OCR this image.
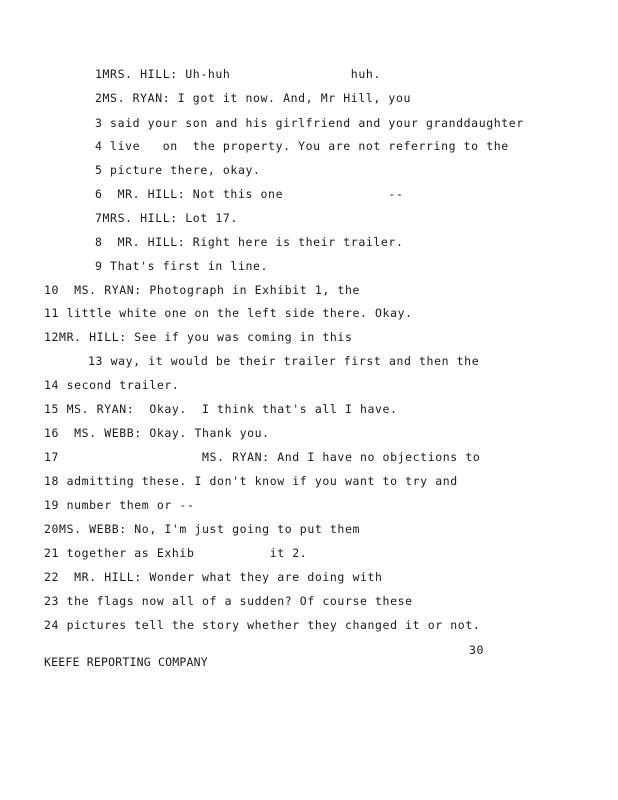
1MRS. HILL: Uh-huh                huh.
2MS. RYAN: I got it now. And, Mr Hill, you
3 said your son and his girlfriend and your granddaughter
4 live   on  the property. You are not referring to the
5 picture there, okay.
6  MR. HILL: Not this one              --
7MRS. HILL: Lot 17.
8  MR. HILL: Right here is their trailer.
9 That's first in line.
10  MS. RYAN: Photograph in Exhibit 1, the
11 little white one on the left side there. Okay.
12MR. HILL: See if you was coming in this
13 way, it would be their trailer first and then the
14 second trailer.
15 MS. RYAN:  Okay.  I think that's all I have.
16  MS. WEBB: Okay. Thank you.
17                   MS. RYAN: And I have no objections to
18 admitting these. I don't know if you want to try and
19 number them or --
20MS. WEBB: No, I'm just going to put them
21 together as Exhib          it 2.
22  MR. HILL: Wonder what they are doing with
23 the flags now all of a sudden? Of course these
24 pictures tell the story whether they changed it or not.
30
KEEFE REPORTING COMPANY
